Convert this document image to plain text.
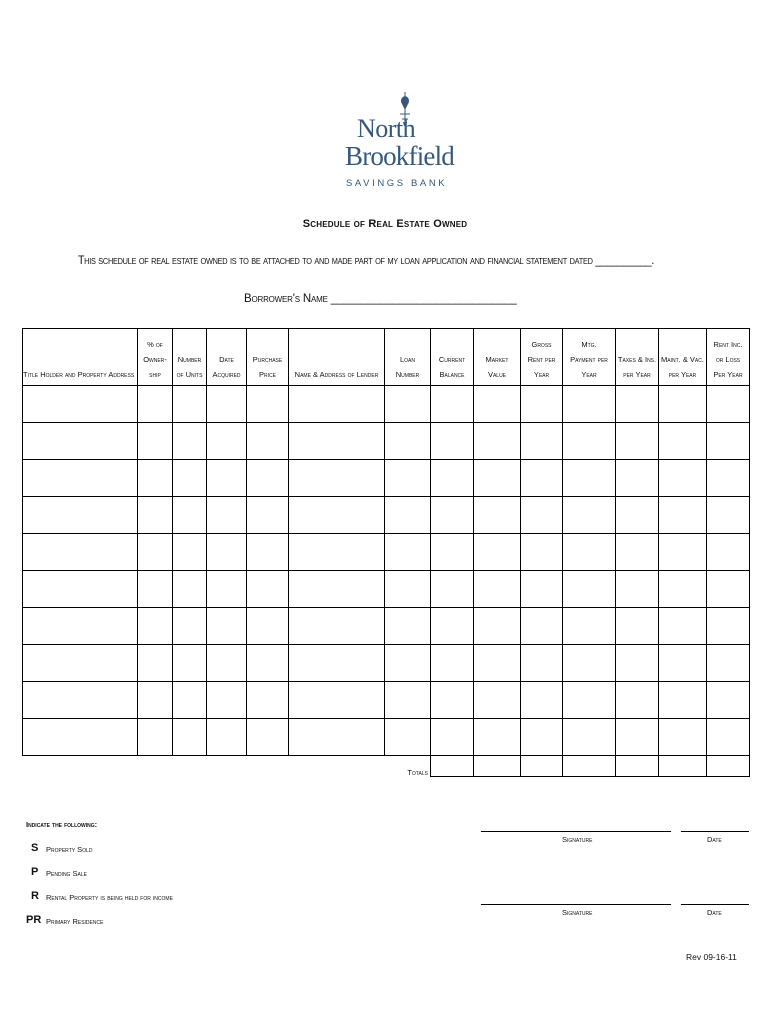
North
Brookfield
SAVINGS BANK
Schedule of Real Estate Owned
This schedule of real estate owned is to be attached to and made part of my loan application and financial statement dated __________.
Borrower's Name ______________________________
Title Holder and Property Address	% of
Owner-
ship	Number
of Units	Date
Acquired	Purchase
Price	Name & Address of Lender	Loan
Number	Current
Balance	Market
Value	Gross
Rent per
Year	Mtg.
Payment per
Year	Taxes & Ins.
per Year	Maint. & Vac.
per Year	Rent Inc.
or Loss
Per Year

						Totals							
Indicate the following:
S Property Sold
P Pending Sale
R Rental Property is being held for income
PR Primary Residence
Signature	Date
Signature	Date
Rev 09-16-11
